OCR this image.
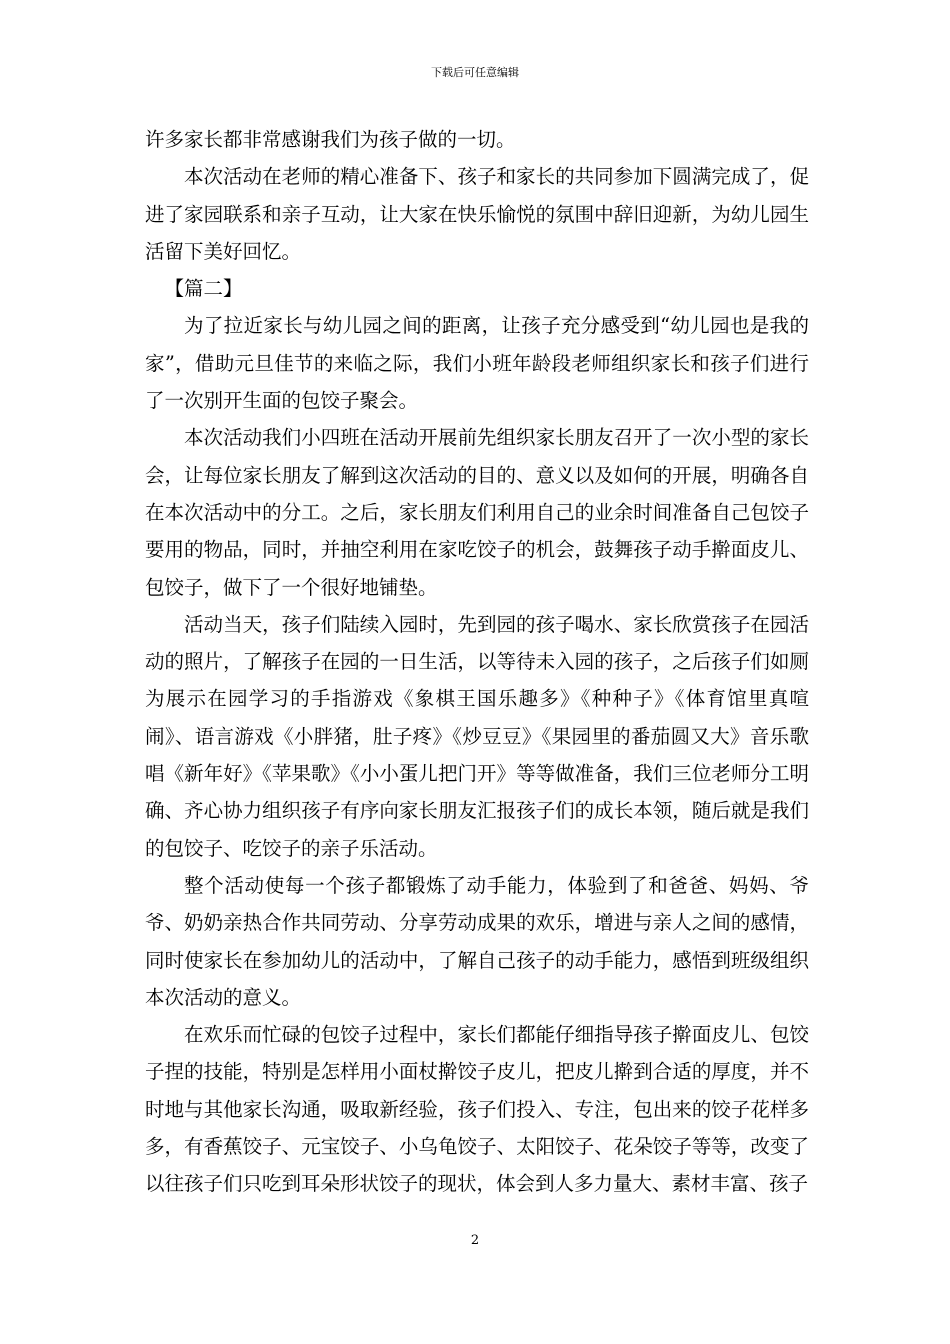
下载后可任意编辑

许多家长都非常感谢我们为孩子做的一切。

本次活动在老师的精心准备下、孩子和家长的共同参加下圆满完成了，促进了家园联系和亲子互动，让大家在快乐愉悦的氛围中辞旧迎新，为幼儿园生活留下美好回忆。

【篇二】

为了拉近家长与幼儿园之间的距离，让孩子充分感受到“幼儿园也是我的家”，借助元旦佳节的来临之际，我们小班年龄段老师组织家长和孩子们进行了一次别开生面的包饺子聚会。

本次活动我们小四班在活动开展前先组织家长朋友召开了一次小型的家长会，让每位家长朋友了解到这次活动的目的、意义以及如何的开展，明确各自在本次活动中的分工。之后，家长朋友们利用自己的业余时间准备自己包饺子要用的物品，同时，并抽空利用在家吃饺子的机会，鼓舞孩子动手擀面皮儿、包饺子，做下了一个很好地铺垫。

活动当天，孩子们陆续入园时，先到园的孩子喝水、家长欣赏孩子在园活动的照片，了解孩子在园的一日生活，以等待未入园的孩子，之后孩子们如厕为展示在园学习的手指游戏《象棋王国乐趣多》《种种子》《体育馆里真喧闹》、语言游戏《小胖猪，肚子疼》《炒豆豆》《果园里的番茄圆又大》音乐歌唱《新年好》《苹果歌》《小小蛋儿把门开》等等做准备，我们三位老师分工明确、齐心协力组织孩子有序向家长朋友汇报孩子们的成长本领，随后就是我们的包饺子、吃饺子的亲子乐活动。

整个活动使每一个孩子都锻炼了动手能力，体验到了和爸爸、妈妈、爷爷、奶奶亲热合作共同劳动、分享劳动成果的欢乐，增进与亲人之间的感情，同时使家长在参加幼儿的活动中，了解自己孩子的动手能力，感悟到班级组织本次活动的意义。

在欢乐而忙碌的包饺子过程中，家长们都能仔细指导孩子擀面皮儿、包饺子捏的技能，特别是怎样用小面杖擀饺子皮儿，把皮儿擀到合适的厚度，并不时地与其他家长沟通，吸取新经验，孩子们投入、专注，包出来的饺子花样多多，有香蕉饺子、元宝饺子、小乌龟饺子、太阳饺子、花朵饺子等等，改变了以往孩子们只吃到耳朵形状饺子的现状，体会到人多力量大、素材丰富、孩子

2
